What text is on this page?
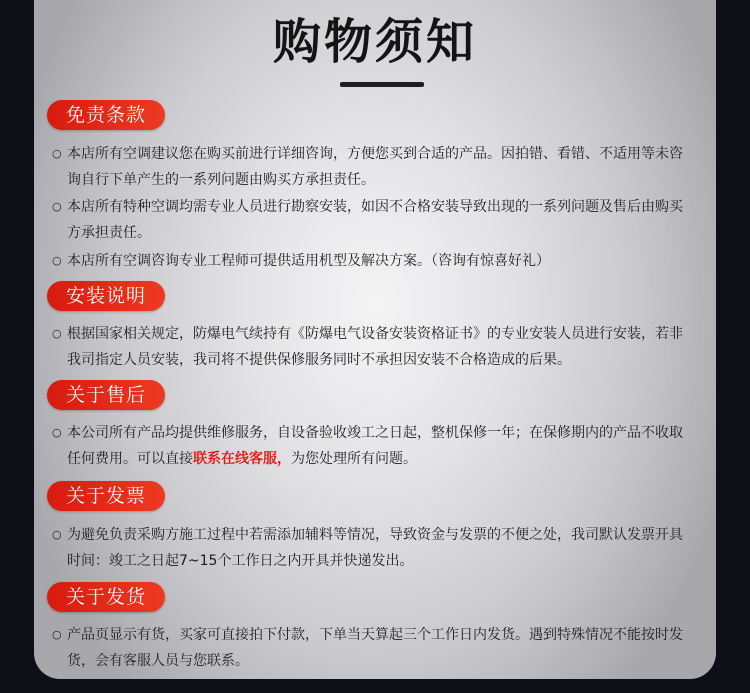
购物须知
免责条款
○ 本店所有空调建议您在购买前进行详细咨询，方便您买到合适的产品。因拍错、看错、不适用等未咨询自行下单产生的一系列问题由购买方承担责任。
○ 本店所有特种空调均需专业人员进行勘察安装，如因不合格安装导致出现的一系列问题及售后由购买方承担责任。
○ 本店所有空调咨询专业工程师可提供适用机型及解决方案。（咨询有惊喜好礼）
安装说明
○ 根据国家相关规定，防爆电气续持有《防爆电气设备安装资格证书》的专业安装人员进行安装，若非我司指定人员安装，我司将不提供保修服务同时不承担因安装不合格造成的后果。
关于售后
○ 本公司所有产品均提供维修服务，自设备验收竣工之日起，整机保修一年；在保修期内的产品不收取任何费用。可以直接联系在线客服，为您处理所有问题。
关于发票
○ 为避免负责采购方施工过程中若需添加辅料等情况，导致资金与发票的不便之处，我司默认发票开具时间：竣工之日起7~15个工作日之内开具并快递发出。
关于发货
○ 产品页显示有货，买家可直接拍下付款，下单当天算起三个工作日内发货。遇到特殊情况不能按时发货，会有客服人员与您联系。
